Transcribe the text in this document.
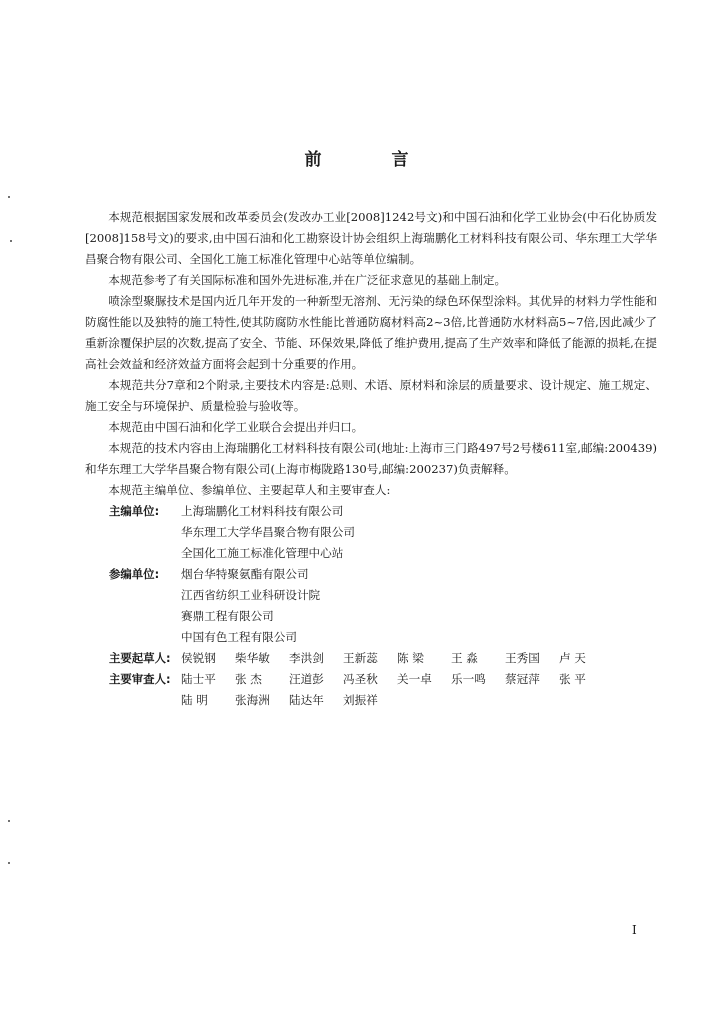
前 言

本规范根据国家发展和改革委员会(发改办工业[2008]1242号文)和中国石油和化学工业协会(中石化协质发[2008]158号文)的要求,由中国石油和化工勘察设计协会组织上海瑞鹏化工材料科技有限公司、华东理工大学华昌聚合物有限公司、全国化工施工标准化管理中心站等单位编制。

本规范参考了有关国际标准和国外先进标准,并在广泛征求意见的基础上制定。

喷涂型聚脲技术是国内近几年开发的一种新型无溶剂、无污染的绿色环保型涂料。其优异的材料力学性能和防腐性能以及独特的施工特性,使其防腐防水性能比普通防腐材料高2~3倍,比普通防水材料高5~7倍,因此减少了重新涂覆保护层的次数,提高了安全、节能、环保效果,降低了维护费用,提高了生产效率和降低了能源的损耗,在提高社会效益和经济效益方面将会起到十分重要的作用。

本规范共分7章和2个附录,主要技术内容是:总则、术语、原材料和涂层的质量要求、设计规定、施工规定、施工安全与环境保护、质量检验与验收等。

本规范由中国石油和化学工业联合会提出并归口。

本规范的技术内容由上海瑞鹏化工材料科技有限公司(地址:上海市三门路497号2号楼611室,邮编:200439)和华东理工大学华昌聚合物有限公司(上海市梅陇路130号,邮编:200237)负责解释。

本规范主编单位、参编单位、主要起草人和主要审查人:

主编单位:	上海瑞鹏化工材料科技有限公司
华东理工大学华昌聚合物有限公司
全国化工施工标准化管理中心站
参编单位:	烟台华特聚氨酯有限公司
江西省纺织工业科研设计院
赛鼎工程有限公司
中国有色工程有限公司
主要起草人: 侯锐钢	柴华敏	李洪剑	王新蕊	陈 梁	王 淼	王秀国	卢 天
主要审查人: 陆士平	张 杰	汪道彭	冯圣秋	关一卓	乐一鸣	蔡冠萍	张 平
陆 明	张海洲	陆达年	刘振祥
I
